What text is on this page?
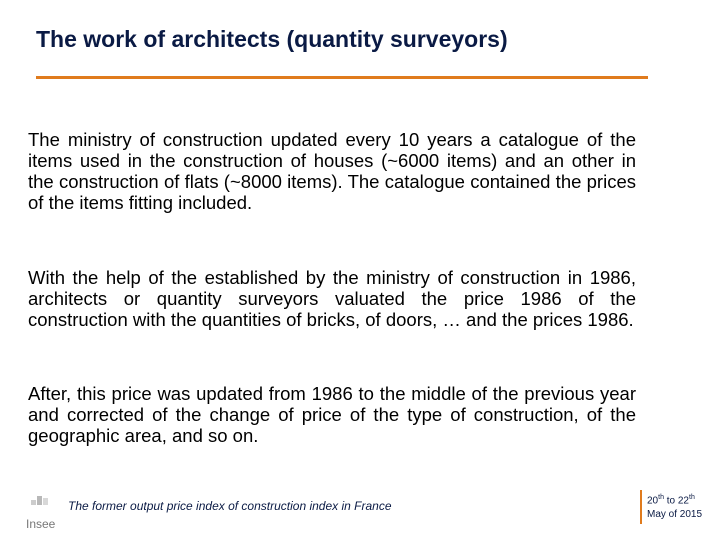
The work of architects (quantity surveyors)

The ministry of construction updated every 10 years a catalogue of the items used in the construction of houses (~6000 items) and an other in the construction of flats (~8000 items). The catalogue contained the prices of the items fitting included.

With the help of the established by the ministry of construction in 1986, architects or quantity surveyors valuated the price 1986 of the construction with the quantities of bricks, of doors, … and the prices 1986.

After, this price was updated from 1986 to the middle of the previous year and corrected of the change of price of the type of construction, of the geographic area, and so on.

Insee
The former output price index of construction index in France	20th to 22th
May of 2015
